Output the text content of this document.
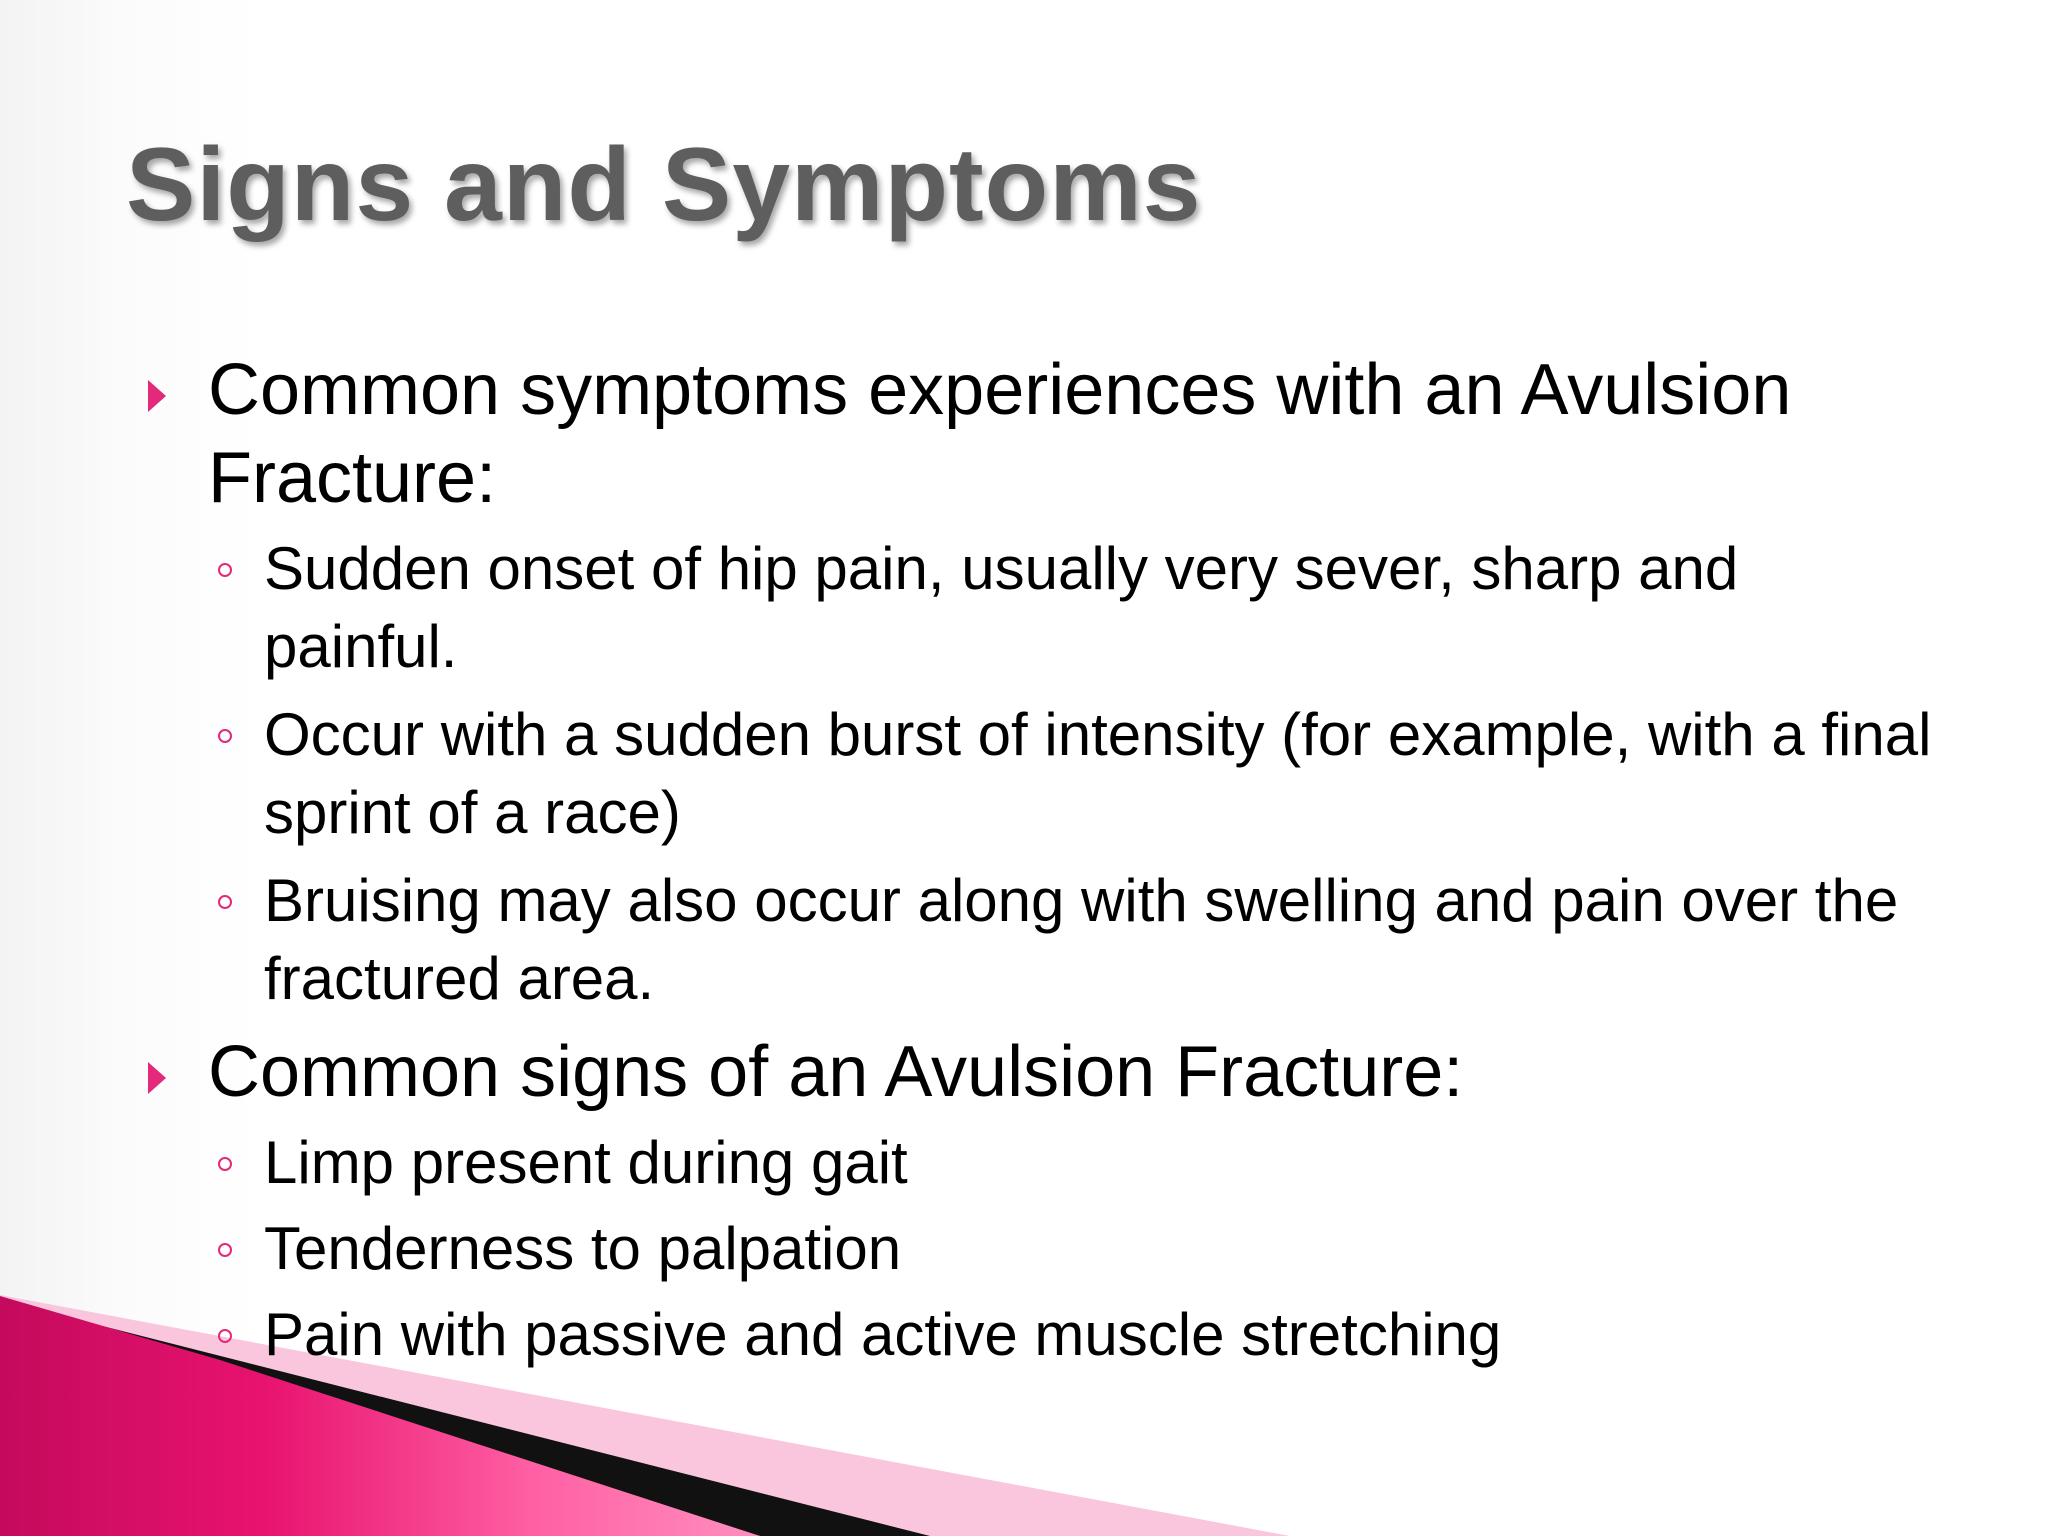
Signs and Symptoms
Common symptoms experiences with an Avulsion Fracture:
Sudden onset of hip pain, usually very sever, sharp and painful.
Occur with a sudden burst of intensity (for example, with a final sprint of a race)
Bruising may also occur along with swelling and pain over the fractured area.
Common signs of an Avulsion Fracture:
Limp present during gait
Tenderness to palpation
Pain with passive and active muscle stretching
